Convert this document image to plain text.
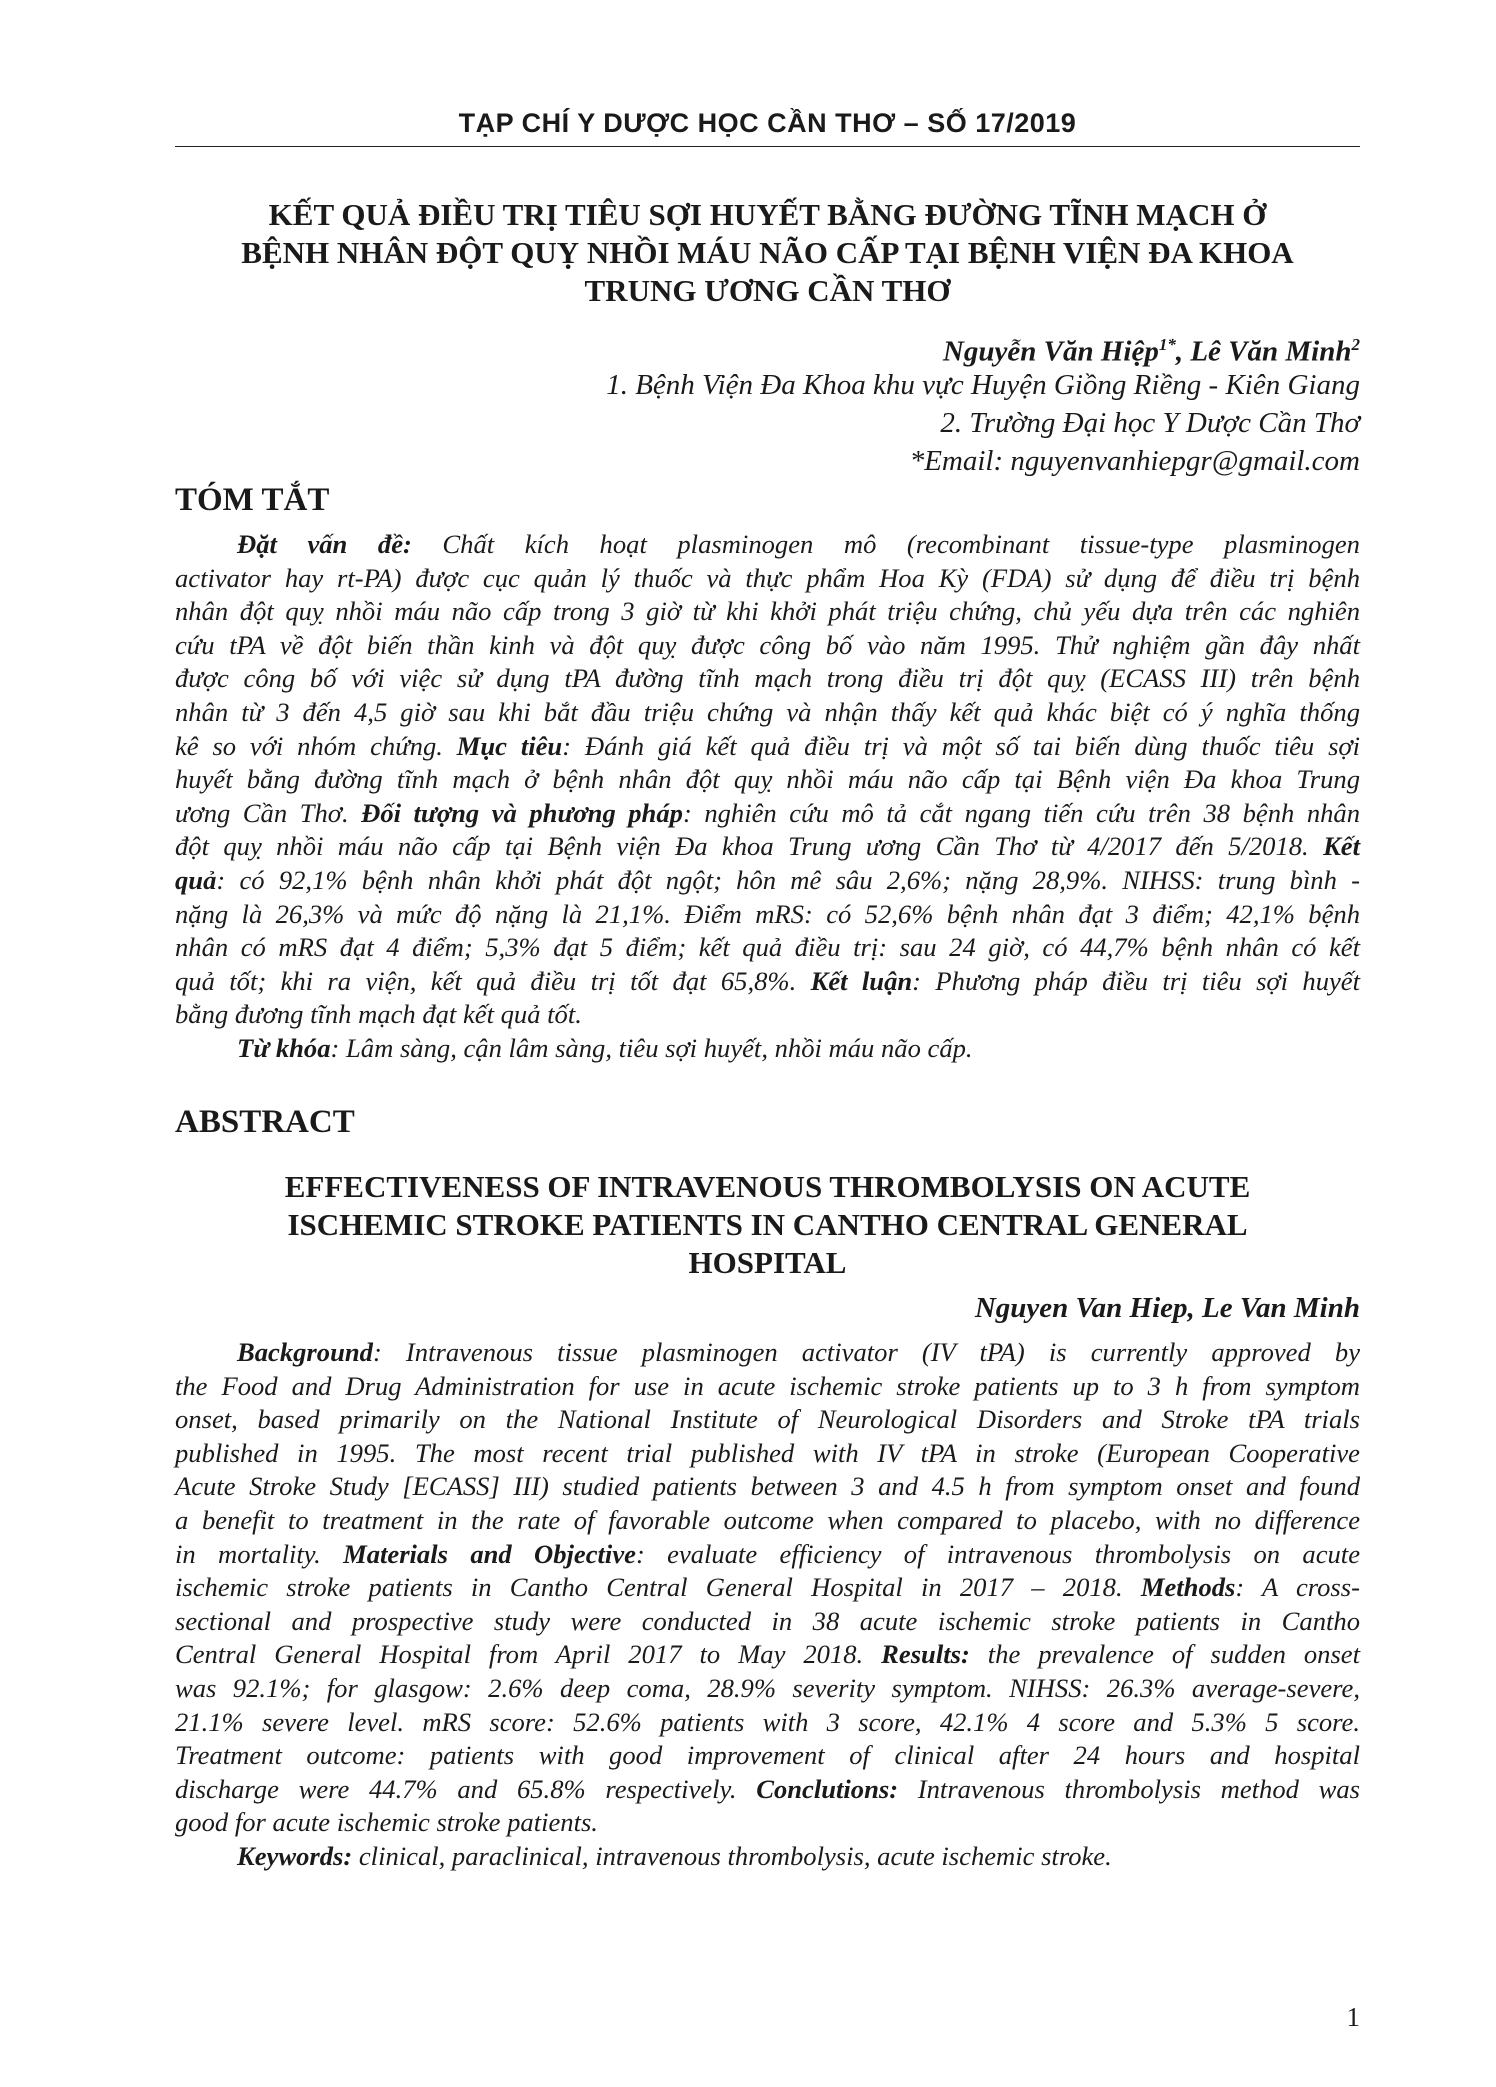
TẠP CHÍ Y DƯỢC HỌC CẦN THƠ – SỐ 17/2019
KẾT QUẢ ĐIỀU TRỊ TIÊU SỢI HUYẾT BẰNG ĐƯỜNG TĨNH MẠCH Ở
BỆNH NHÂN ĐỘT QUỴ NHỒI MÁU NÃO CẤP TẠI BỆNH VIỆN ĐA KHOA
TRUNG ƯƠNG CẦN THƠ
Nguyễn Văn Hiệp$^{1*}$, Lê Văn Minh$^2$
1. Bệnh Viện Đa Khoa khu vực Huyện Giồng Riềng - Kiên Giang
2. Trường Đại học Y Dược Cần Thơ
*Email: nguyenvanhiepgr@gmail.com
TÓM TẮT
Đặt vấn đề: Chất kích hoạt plasminogen mô (recombinant tissue-type plasminogen
activator hay rt-PA) được cục quản lý thuốc và thực phẩm Hoa Kỳ (FDA) sử dụng để điều trị bệnh
nhân đột quỵ nhồi máu não cấp trong 3 giờ từ khi khởi phát triệu chứng, chủ yếu dựa trên các nghiên
cứu tPA về đột biến thần kinh và đột quỵ được công bố vào năm 1995. Thử nghiệm gần đây nhất
được công bố với việc sử dụng tPA đường tĩnh mạch trong điều trị đột quỵ (ECASS III) trên bệnh
nhân từ 3 đến 4,5 giờ sau khi bắt đầu triệu chứng và nhận thấy kết quả khác biệt có ý nghĩa thống
kê so với nhóm chứng. Mục tiêu: Đánh giá kết quả điều trị và một số tai biến dùng thuốc tiêu sợi
huyết bằng đường tĩnh mạch ở bệnh nhân đột quỵ nhồi máu não cấp tại Bệnh viện Đa khoa Trung
ương Cần Thơ. Đối tượng và phương pháp: nghiên cứu mô tả cắt ngang tiến cứu trên 38 bệnh nhân
đột quỵ nhồi máu não cấp tại Bệnh viện Đa khoa Trung ương Cần Thơ từ 4/2017 đến 5/2018. Kết
quả: có 92,1% bệnh nhân khởi phát đột ngột; hôn mê sâu 2,6%; nặng 28,9%. NIHSS: trung bình -
nặng là 26,3% và mức độ nặng là 21,1%. Điểm mRS: có 52,6% bệnh nhân đạt 3 điểm; 42,1% bệnh
nhân có mRS đạt 4 điểm; 5,3% đạt 5 điểm; kết quả điều trị: sau 24 giờ, có 44,7% bệnh nhân có kết
quả tốt; khi ra viện, kết quả điều trị tốt đạt 65,8%. Kết luận: Phương pháp điều trị tiêu sợi huyết
bằng đương tĩnh mạch đạt kết quả tốt.
Từ khóa: Lâm sàng, cận lâm sàng, tiêu sợi huyết, nhồi máu não cấp.
ABSTRACT
EFFECTIVENESS OF INTRAVENOUS THROMBOLYSIS ON ACUTE
ISCHEMIC STROKE PATIENTS IN CANTHO CENTRAL GENERAL
HOSPITAL
Nguyen Van Hiep, Le Van Minh
Background: Intravenous tissue plasminogen activator (IV tPA) is currently approved by
the Food and Drug Administration for use in acute ischemic stroke patients up to 3 h from symptom
onset, based primarily on the National Institute of Neurological Disorders and Stroke tPA trials
published in 1995. The most recent trial published with IV tPA in stroke (European Cooperative
Acute Stroke Study [ECASS] III) studied patients between 3 and 4.5 h from symptom onset and found
a benefit to treatment in the rate of favorable outcome when compared to placebo, with no difference
in mortality. Materials and Objective: evaluate efficiency of intravenous thrombolysis on acute
ischemic stroke patients in Cantho Central General Hospital in 2017 – 2018. Methods: A cross-
sectional and prospective study were conducted in 38 acute ischemic stroke patients in Cantho
Central General Hospital from April 2017 to May 2018. Results: the prevalence of sudden onset
was 92.1%; for glasgow: 2.6% deep coma, 28.9% severity symptom. NIHSS: 26.3% average-severe,
21.1% severe level. mRS score: 52.6% patients with 3 score, 42.1% 4 score and 5.3% 5 score.
Treatment outcome: patients with good improvement of clinical after 24 hours and hospital
discharge were 44.7% and 65.8% respectively. Conclutions: Intravenous thrombolysis method was
good for acute ischemic stroke patients.
Keywords: clinical, paraclinical, intravenous thrombolysis, acute ischemic stroke.
1
